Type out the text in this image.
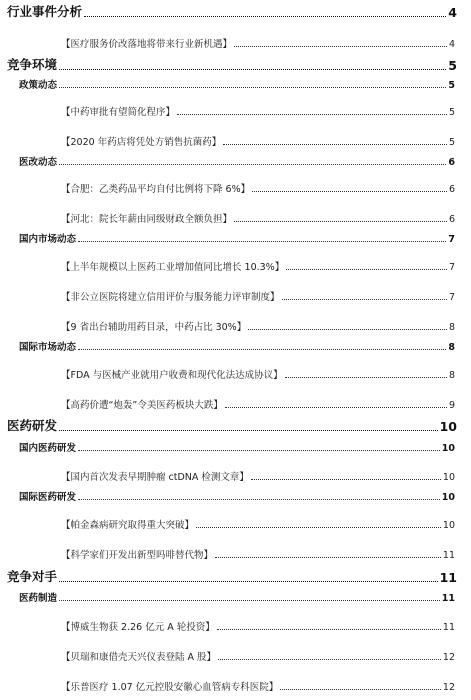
行业事件分析	4
【医疗服务价改落地将带来行业新机遇】	4
竞争环境	5
政策动态	5
【中药审批有望简化程序】	5
【2020 年药店将凭处方销售抗菌药】	5
医改动态	6
【合肥：乙类药品平均自付比例将下降 6%】	6
【河北：院长年薪由同级财政全额负担】	6
国内市场动态	7
【上半年规模以上医药工业增加值同比增长 10.3%】	7
【非公立医院将建立信用评价与服务能力评审制度】	7
【9 省出台辅助用药目录，中药占比 30%】	8
国际市场动态	8
【FDA 与医械产业就用户收费和现代化法达成协议】	8
【高药价遭“炮轰”令美医药板块大跌】	9
医药研发	10
国内医药研发	10
【国内首次发表早期肿瘤 ctDNA 检测文章】	10
国际医药研发	10
【帕金森病研究取得重大突破】	10
【科学家们开发出新型吗啡替代物】	11
竞争对手	11
医药制造	11
【博威生物获 2.26 亿元 A 轮投资】	11
【贝瑞和康借壳天兴仪表登陆 A 股】	12
【乐普医疗 1.07 亿元控股安徽心血管病专科医院】	12
